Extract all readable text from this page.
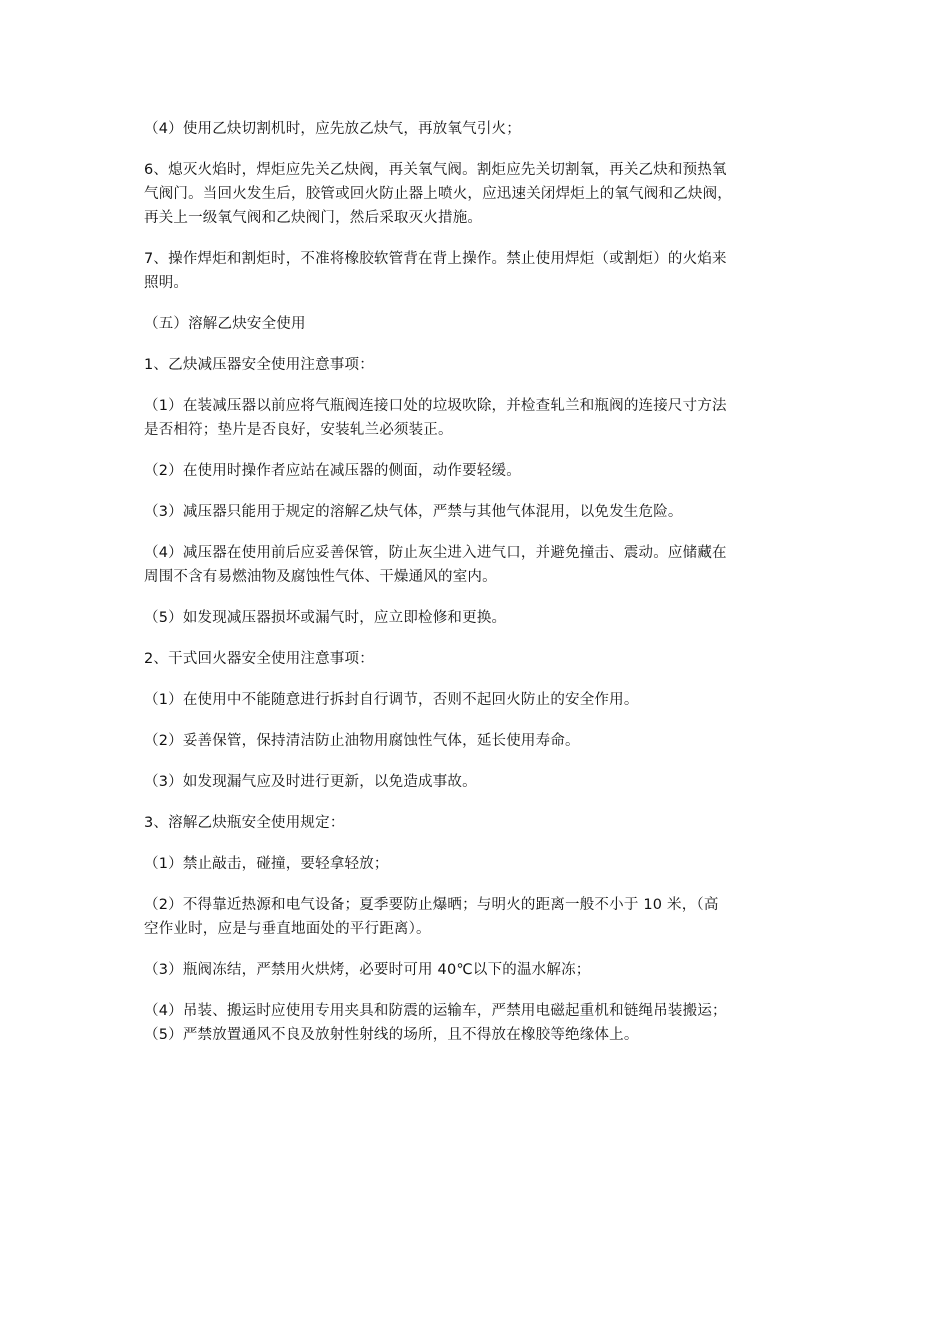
（4）使用乙炔切割机时，应先放乙炔气，再放氧气引火；

6、熄灭火焰时，焊炬应先关乙炔阀，再关氧气阀。割炬应先关切割氧，再关乙炔和预热氧
气阀门。当回火发生后，胶管或回火防止器上喷火，应迅速关闭焊炬上的氧气阀和乙炔阀，
再关上一级氧气阀和乙炔阀门，然后采取灭火措施。

7、操作焊炬和割炬时，不准将橡胶软管背在背上操作。禁止使用焊炬（或割炬）的火焰来
照明。

（五）溶解乙炔安全使用

1、乙炔减压器安全使用注意事项：

（1）在装减压器以前应将气瓶阀连接口处的垃圾吹除，并检查轧兰和瓶阀的连接尺寸方法
是否相符；垫片是否良好，安装轧兰必须装正。

（2）在使用时操作者应站在减压器的侧面，动作要轻缓。

（3）减压器只能用于规定的溶解乙炔气体，严禁与其他气体混用，以免发生危险。

（4）减压器在使用前后应妥善保管，防止灰尘进入进气口，并避免撞击、震动。应储藏在
周围不含有易燃油物及腐蚀性气体、干燥通风的室内。

（5）如发现减压器损坏或漏气时，应立即检修和更换。

2、干式回火器安全使用注意事项：

（1）在使用中不能随意进行拆封自行调节，否则不起回火防止的安全作用。

（2）妥善保管，保持清洁防止油物用腐蚀性气体，延长使用寿命。

（3）如发现漏气应及时进行更新，以免造成事故。

3、溶解乙炔瓶安全使用规定：

（1）禁止敲击，碰撞，要轻拿轻放；

（2）不得靠近热源和电气设备；夏季要防止爆晒；与明火的距离一般不小于 10 米，（高
空作业时，应是与垂直地面处的平行距离）。

（3）瓶阀冻结，严禁用火烘烤，必要时可用 40℃以下的温水解冻；

（4）吊装、搬运时应使用专用夹具和防震的运输车，严禁用电磁起重机和链绳吊装搬运；

（5）严禁放置通风不良及放射性射线的场所，且不得放在橡胶等绝缘体上。
